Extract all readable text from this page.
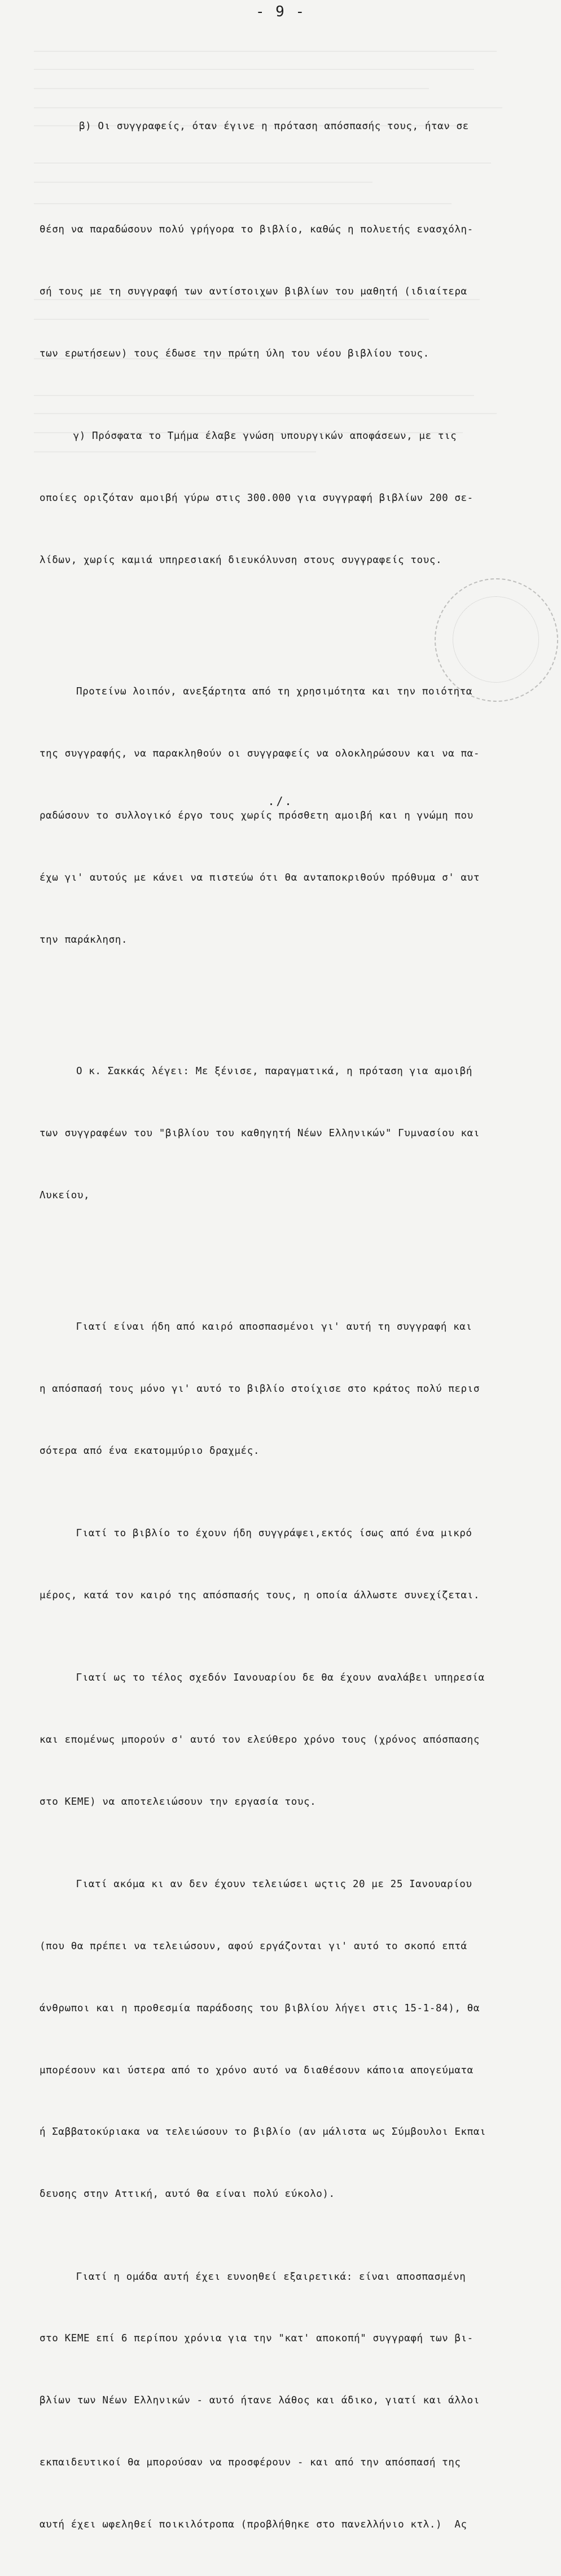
- 9 -

β) Οι συγγραφείς, όταν έγινε η πρόταση απόσπασής τους, ήταν σε

θέση να παραδώσουν πολύ γρήγορα το βιβλίο, καθώς η πολυετής ενασχόλη-

σή τους με τη συγγραφή των αντίστοιχων βιβλίων του μαθητή (ιδιαίτερα

των ερωτήσεων) τους έδωσε την πρώτη ύλη του νέου βιβλίου τους.

γ) Πρόσφατα το Τμήμα έλαβε γνώση υπουργικών αποφάσεων, με τις

οποίες οριζόταν αμοιβή γύρω στις 300.000 για συγγραφή βιβλίων 200 σε-

λίδων, χωρίς καμιά υπηρεσιακή διευκόλυνση στους συγγραφείς τους.

Προτείνω λοιπόν, ανεξάρτητα από τη χρησιμότητα και την ποιότητα

της συγγραφής, να παρακληθούν οι συγγραφείς να ολοκληρώσουν και να πα-

ραδώσουν το συλλογικό έργο τους χωρίς πρόσθετη αμοιβή και η γνώμη που

έχω γι' αυτούς με κάνει να πιστεύω ότι θα ανταποκριθούν πρόθυμα σ' αυτ

την παράκληση.

Ο κ. Σακκάς λέγει: Με ξένισε, παραγματικά, η πρόταση για αμοιβή

των συγγραφέων του "βιβλίου του καθηγητή Νέων Ελληνικών" Γυμνασίου και

Λυκείου,

Γιατί είναι ήδη από καιρό αποσπασμένοι γι' αυτή τη συγγραφή και

η απόσπασή τους μόνο γι' αυτό το βιβλίο στοίχισε στο κράτος πολύ περισ

σότερα από ένα εκατομμύριο δραχμές.

Γιατί το βιβλίο το έχουν ήδη συγγράψει,εκτός ίσως από ένα μικρό

μέρος, κατά τον καιρό της απόσπασής τους, η οποία άλλωστε συνεχίζεται.

Γιατί ως το τέλος σχεδόν Ιανουαρίου δε θα έχουν αναλάβει υπηρεσία

και επομένως μπορούν σ' αυτό τον ελεύθερο χρόνο τους (χρόνος απόσπασης

στο ΚΕΜΕ) να αποτελειώσουν την εργασία τους.

Γιατί ακόμα κι αν δεν έχουν τελειώσει ωςτις 20 με 25 Ιανουαρίου

(που θα πρέπει να τελειώσουν, αφού εργάζονται γι' αυτό το σκοπό επτά

άνθρωποι και η προθεσμία παράδοσης του βιβλίου λήγει στις 15-1-84), θα

μπορέσουν και ύστερα από το χρόνο αυτό να διαθέσουν κάποια απογεύματα

ή Σαββατοκύριακα να τελειώσουν το βιβλίο (αν μάλιστα ως Σύμβουλοι Εκπαι

δευσης στην Αττική, αυτό θα είναι πολύ εύκολο).

Γιατί η ομάδα αυτή έχει ευνοηθεί εξαιρετικά: είναι αποσπασμένη

στο ΚΕΜΕ επί 6 περίπου χρόνια για την "κατ' αποκοπή" συγγραφή των βι-

βλίων των Νέων Ελληνικών - αυτό ήτανε λάθος και άδικο, γιατί και άλλοι

εκπαιδευτικοί θα μπορούσαν να προσφέρουν - και από την απόσπασή της

αυτή έχει ωφεληθεί ποικιλότροπα (προβλήθηκε στο πανελλήνιο κτλ.)  Ας

./.
